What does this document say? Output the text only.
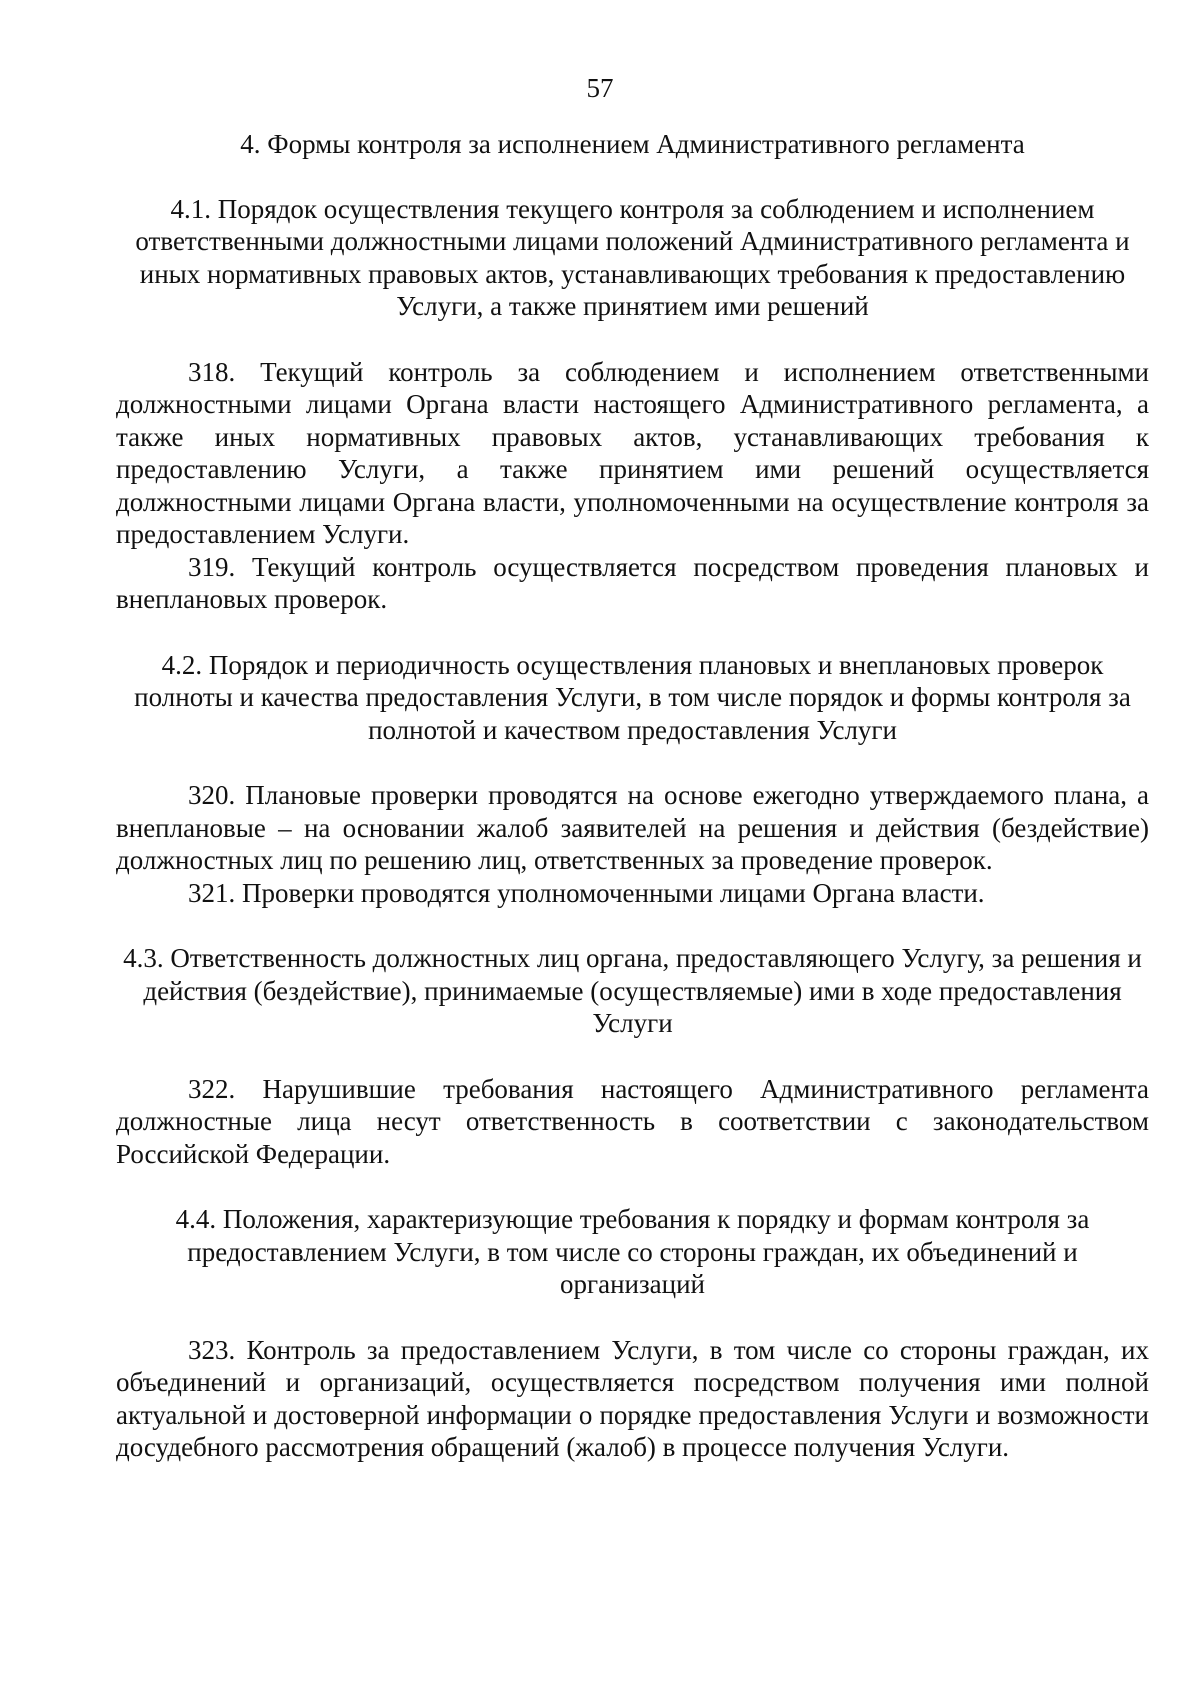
57

4. Формы контроля за исполнением Административного регламента

4.1. Порядок осуществления текущего контроля за соблюдением и исполнением ответственными должностными лицами положений Административного регламента и иных нормативных правовых актов, устанавливающих требования к предоставлению Услуги, а также принятием ими решений

318. Текущий контроль за соблюдением и исполнением ответственными должностными лицами Органа власти настоящего Административного регламента, а также иных нормативных правовых актов, устанавливающих требования к предоставлению Услуги, а также принятием ими решений осуществляется должностными лицами Органа власти, уполномоченными на осуществление контроля за предоставлением Услуги.

319. Текущий контроль осуществляется посредством проведения плановых и внеплановых проверок.

4.2. Порядок и периодичность осуществления плановых и внеплановых проверок полноты и качества предоставления Услуги, в том числе порядок и формы контроля за полнотой и качеством предоставления Услуги

320. Плановые проверки проводятся на основе ежегодно утверждаемого плана, а внеплановые – на основании жалоб заявителей на решения и действия (бездействие) должностных лиц по решению лиц, ответственных за проведение проверок.

321. Проверки проводятся уполномоченными лицами Органа власти.

4.3. Ответственность должностных лиц органа, предоставляющего Услугу, за решения и действия (бездействие), принимаемые (осуществляемые) ими в ходе предоставления Услуги

322. Нарушившие требования настоящего Административного регламента должностные лица несут ответственность в соответствии с законодательством Российской Федерации.

4.4. Положения, характеризующие требования к порядку и формам контроля за предоставлением Услуги, в том числе со стороны граждан, их объединений и организаций

323. Контроль за предоставлением Услуги, в том числе со стороны граждан, их объединений и организаций, осуществляется посредством получения ими полной актуальной и достоверной информации о порядке предоставления Услуги и возможности досудебного рассмотрения обращений (жалоб) в процессе получения Услуги.
